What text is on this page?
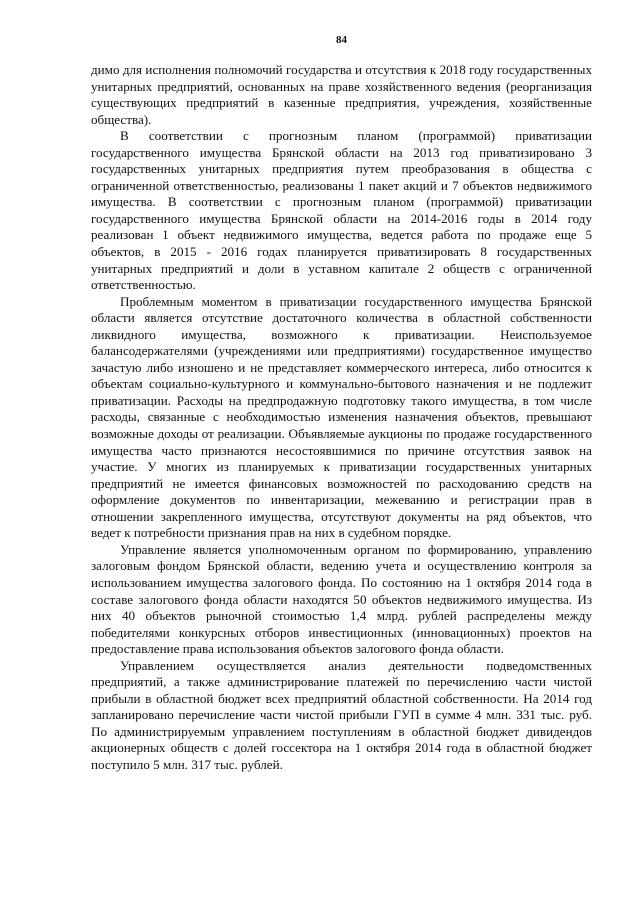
84

димо для исполнения полномочий государства и отсутствия к 2018 году государственных унитарных предприятий, основанных на праве хозяйственного ведения (реорганизация существующих предприятий в казенные предприятия, учреждения, хозяйственные общества).

В соответствии с прогнозным планом (программой) приватизации государственного имущества Брянской области на 2013 год приватизировано 3 государственных унитарных предприятия путем преобразования в общества с ограниченной ответственностью, реализованы 1 пакет акций и 7 объектов недвижимого имущества. В соответствии с прогнозным планом (программой) приватизации государственного имущества Брянской области на 2014-2016 годы в 2014 году реализован 1 объект недвижимого имущества, ведется работа по продаже еще 5 объектов, в 2015 - 2016 годах планируется приватизировать 8 государственных унитарных предприятий и доли в уставном капитале 2 обществ с ограниченной ответственностью.

Проблемным моментом в приватизации государственного имущества Брянской области является отсутствие достаточного количества в областной собственности ликвидного имущества, возможного к приватизации. Неиспользуемое балансодержателями (учреждениями или предприятиями) государственное имущество зачастую либо изношено и не представляет коммерческого интереса, либо относится к объектам социально-культурного и коммунально-бытового назначения и не подлежит приватизации. Расходы на предпродажную подготовку такого имущества, в том числе расходы, связанные с необходимостью изменения назначения объектов, превышают возможные доходы от реализации. Объявляемые аукционы по продаже государственного имущества часто признаются несостоявшимися по причине отсутствия заявок на участие. У многих из планируемых к приватизации государственных унитарных предприятий не имеется финансовых возможностей по расходованию средств на оформление документов по инвентаризации, межеванию и регистрации прав в отношении закрепленного имущества, отсутствуют документы на ряд объектов, что ведет к потребности признания прав на них в судебном порядке.

Управление является уполномоченным органом по формированию, управлению залоговым фондом Брянской области, ведению учета и осуществлению контроля за использованием имущества залогового фонда. По состоянию на 1 октября 2014 года в составе залогового фонда области находятся 50 объектов недвижимого имущества. Из них 40 объектов рыночной стоимостью 1,4 млрд. рублей распределены между победителями конкурсных отборов инвестиционных (инновационных) проектов на предоставление права использования объектов залогового фонда области.

Управлением осуществляется анализ деятельности подведомственных предприятий, а также администрирование платежей по перечислению части чистой прибыли в областной бюджет всех предприятий областной собственности. На 2014 год запланировано перечисление части чистой прибыли ГУП в сумме 4 млн. 331 тыс. руб. По администрируемым управлением поступлениям в областной бюджет дивидендов акционерных обществ с долей госсектора на 1 октября 2014 года в областной бюджет поступило 5 млн. 317 тыс. рублей.
